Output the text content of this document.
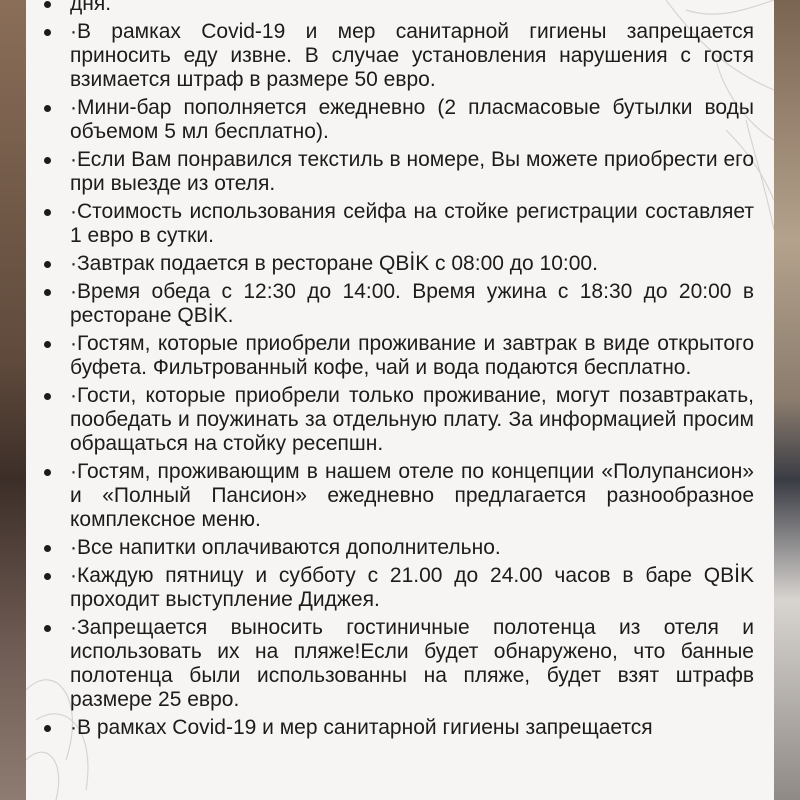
дня.
·В рамках Covid-19 и мер санитарной гигиены запрещается приносить еду извне. В случае установления нарушения с гостя взимается штраф в размере 50 евро.
·Мини-бар пополняется ежедневно (2 пласмасовые бутылки воды объемом 5 мл бесплатно).
·Если Вам понравился текстиль в номере, Вы можете приобрести его при выезде из отеля.
·Стоимость использования сейфа на стойке регистрации составляет 1 евро в сутки.
·Завтрак подается в ресторане QBİK с 08:00 до 10:00.
·Время обеда с 12:30 до 14:00. Время ужина с 18:30 до 20:00 в ресторане QBİK.
·Гостям, которые приобрели проживание и завтрак в виде открытого буфета. Фильтрованный кофе, чай и вода подаются бесплатно.
·Гости, которые приобрели только проживание, могут позавтракать, пообедать и поужинать за отдельную плату. За информацией просим обращаться на стойку ресепшн.
·Гостям, проживающим в нашем отеле по концепции «Полупансион» и «Полный Пансион» ежедневно предлагается разнообразное комплексное меню.
·Все напитки оплачиваются дополнительно.
·Каждую пятницу и субботу с 21.00 до 24.00 часов в баре QBİK проходит выступление Диджея.
·Запрещается выносить гостиничные полотенца из отеля и использовать их на пляже!Если будет обнаружено, что банные полотенца были использованны на пляже, будет взят штрафв размере 25 евро.
·В рамках Covid-19 и мер санитарной гигиены запрещается
